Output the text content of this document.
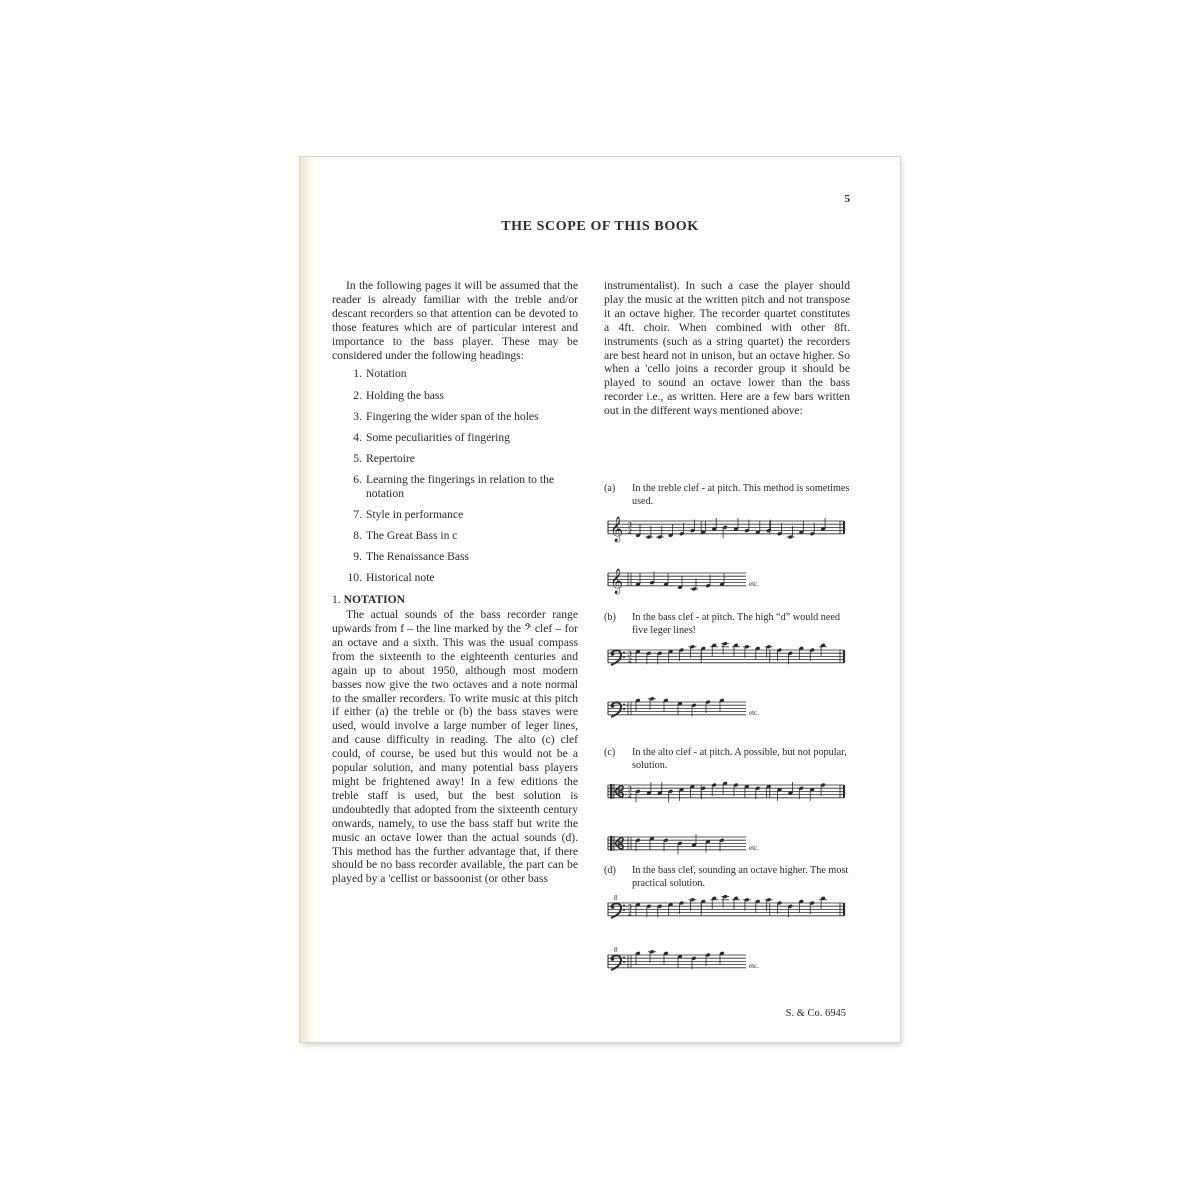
5
THE SCOPE OF THIS BOOK

In the following pages it will be assumed that the reader is already familiar with the treble and/or descant recorders so that attention can be devoted to those features which are of particular interest and importance to the bass player. These may be considered under the following headings:

1. Notation
2. Holding the bass
3. Fingering the wider span of the holes
4. Some peculiarities of fingering
5. Repertoire
6. Learning the fingerings in relation to the notation
7. Style in performance
8. The Great Bass in c
9. The Renaissance Bass
10. Historical note
1. NOTATION

The actual sounds of the bass recorder range upwards from f – the line marked by the 𝄢 clef – for an octave and a sixth. This was the usual compass from the sixteenth to the eighteenth centuries and again up to about 1950, although most modern basses now give the two octaves and a note normal to the smaller recorders. To write music at this pitch if either (a) the treble or (b) the bass staves were used, would involve a large number of leger lines, and cause difficulty in reading. The alto (c) clef could, of course, be used but this would not be a popular solution, and many potential bass players might be frightened away! In a few editions the treble staff is used, but the best solution is undoubtedly that adopted from the sixteenth century onwards, namely, to use the bass staff but write the music an octave lower than the actual sounds (d). This method has the further advantage that, if there should be no bass recorder available, the part can be played by a 'cellist or bassoonist (or other bass

instrumentalist). In such a case the player should play the music at the written pitch and not transpose it an octave higher. The recorder quartet constitutes a 4ft. choir. When combined with other 8ft. instruments (such as a string quartet) the recorders are best heard not in unison, but an octave higher. So when a 'cello joins a recorder group it should be played to sound an octave lower than the bass recorder i.e., as written. Here are a few bars written out in the different ways mentioned above:

(a)	In the treble clef - at pitch. This method is sometimes used.
𝄞 3
2
𝄞	etc.
(b)	In the bass clef - at pitch. The high “d” would need five leger lines!
3
2
etc.
(c)	In the alto clef - at pitch. A possible, but not popular, solution.
3
2
etc.
(d)	In the bass clef, sounding an octave higher. The most practical solution.
8
3
2
8
etc.
S. & Co. 6945
